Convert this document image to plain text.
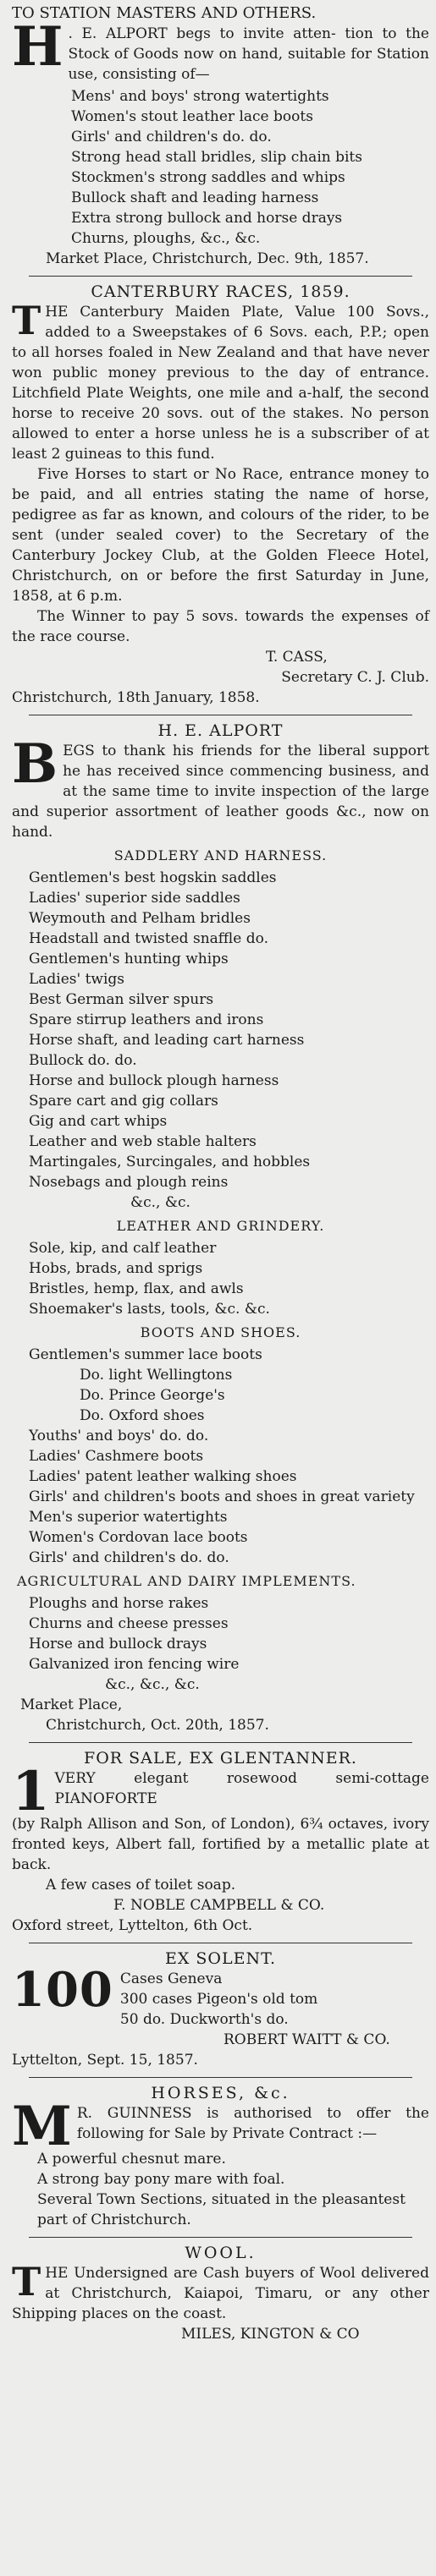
TO STATION MASTERS AND OTHERS.

H . E. ALPORT begs to invite atten- tion to the Stock of Goods now on hand, suitable for Station use, consisting of—
Mens' and boys' strong watertights
Women's stout leather lace boots
Girls' and children's do. do.
Strong head stall bridles, slip chain bits
Stockmen's strong saddles and whips
Bullock shaft and leading harness
Extra strong bullock and horse drays
Churns, ploughs, &c., &c.
Market Place, Christchurch, Dec. 9th, 1857.

CANTERBURY RACES, 1859.

THE Canterbury Maiden Plate, Value 100 Sovs., added to a Sweepstakes of 6 Sovs. each, P.P.; open to all horses foaled in New Zealand and that have never won public money previous to the day of entrance. Litchfield Plate Weights, one mile and a-half, the second horse to receive 20 sovs. out of the stakes. No person allowed to enter a horse unless he is a subscriber of at least 2 guineas to this fund.
Five Horses to start or No Race, entrance money to be paid, and all entries stating the name of horse, pedigree as far as known, and colours of the rider, to be sent (under sealed cover) to the Secretary of the Canterbury Jockey Club, at the Golden Fleece Hotel, Christchurch, on or before the first Saturday in June, 1858, at 6 p.m.
The Winner to pay 5 sovs. towards the expenses of the race course.
T. CASS,
Secretary C. J. Club.
Christchurch, 18th January, 1858.

H. E. ALPORT

BEGS to thank his friends for the liberal support he has received since commencing business, and at the same time to invite inspection of the large and superior assortment of leather goods &c., now on hand.
SADDLERY AND HARNESS.
Gentlemen's best hogskin saddles
Ladies' superior side saddles
Weymouth and Pelham bridles
Headstall and twisted snaffle do.
Gentlemen's hunting whips
Ladies' twigs
Best German silver spurs
Spare stirrup leathers and irons
Horse shaft, and leading cart harness
Bullock do. do.
Horse and bullock plough harness
Spare cart and gig collars
Gig and cart whips
Leather and web stable halters
Martingales, Surcingales, and hobbles
Nosebags and plough reins
&c., &c.
LEATHER AND GRINDERY.
Sole, kip, and calf leather
Hobs, brads, and sprigs
Bristles, hemp, flax, and awls
Shoemaker's lasts, tools, &c. &c.
BOOTS AND SHOES.
Gentlemen's summer lace boots
Do. light Wellingtons
Do. Prince George's
Do. Oxford shoes
Youths' and boys' do. do.
Ladies' Cashmere boots
Ladies' patent leather walking shoes
Girls' and children's boots and shoes in great variety
Men's superior watertights
Women's Cordovan lace boots
Girls' and children's do. do.
AGRICULTURAL AND DAIRY IMPLEMENTS.
Ploughs and horse rakes
Churns and cheese presses
Horse and bullock drays
Galvanized iron fencing wire
&c., &c., &c.
Market Place,
Christchurch, Oct. 20th, 1857.

FOR SALE, EX GLENTANNER.

1 VERY elegant rosewood semi-cottage PIANOFORTE
(by Ralph Allison and Son, of London), 6¾ octaves, ivory fronted keys, Albert fall, fortified by a metallic plate at back.
A few cases of toilet soap.
F. NOBLE CAMPBELL & CO.
Oxford street, Lyttelton, 6th Oct.

EX SOLENT.

100 Cases Geneva
300 cases Pigeon's old tom
50 do. Duckworth's do.
ROBERT WAITT & CO.
Lyttelton, Sept. 15, 1857.

HORSES, &c.

M R. GUINNESS is authorised to offer the following for Sale by Private Contract :—
A powerful chesnut mare.
A strong bay pony mare with foal.
Several Town Sections, situated in the pleasantest part of Christchurch.

WOOL.

THE Undersigned are Cash buyers of Wool delivered at Christchurch, Kaiapoi, Timaru, or any other Shipping places on the coast.
MILES, KINGTON & CO
